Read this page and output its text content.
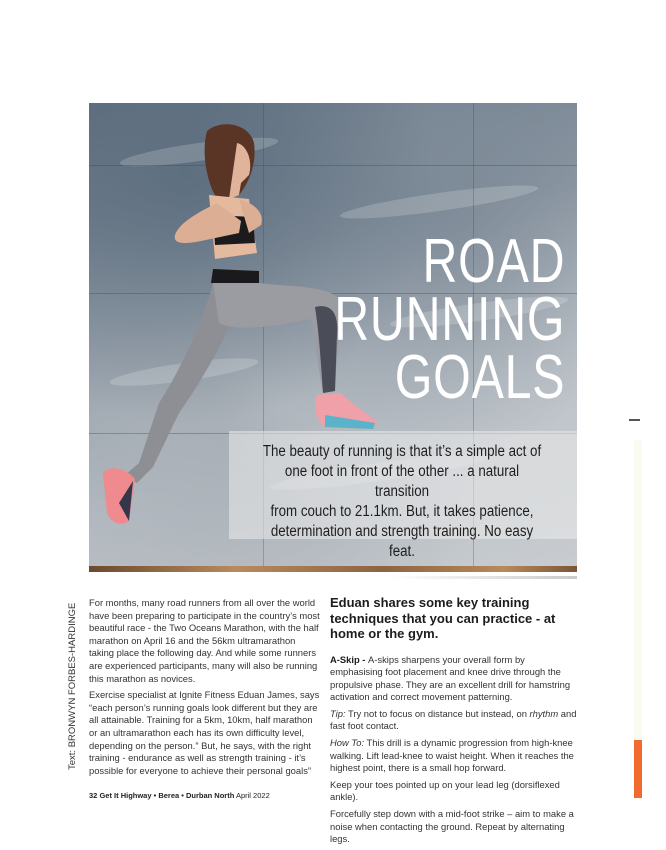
ROAD
RUNNING
GOALS
The beauty of running is that it’s a simple act of
one foot in front of the other ... a natural transition
from couch to 21.1km. But, it takes patience,
determination and strength training. No easy feat.
Text: BRONWYN FORBES-HARDINGE

For months, many road runners from all over the world have been preparing to participate in the country’s most beautiful race - the Two Oceans Marathon, with the half marathon on April 16 and the 56km ultramarathon taking place the following day. And while some runners are experienced participants, many will also be running this marathon as novices.

Exercise specialist at Ignite Fitness Eduan James, says “each person’s running goals look different but they are all attainable. Training for a 5km, 10km, half marathon or an ultramarathon each has its own difficulty level, depending on the person.” But, he says, with the right training - endurance as well as strength training - it’s possible for everyone to achieve their personal goals”

Eduan shares some key training techniques that you can practice - at home or the gym.

A-Skip - A-skips sharpens your overall form by emphasising foot placement and knee drive through the propulsive phase. They are an excellent drill for hamstring activation and correct movement patterning.

Tip: Try not to focus on distance but instead, on rhythm and fast foot contact.

How To: This drill is a dynamic progression from high-knee walking. Lift lead-knee to waist height. When it reaches the highest point, there is a small hop forward.

Keep your toes pointed up on your lead leg (dorsiflexed ankle).

Forcefully step down with a mid-foot strike – aim to make a noise when contacting the ground. Repeat by alternating legs.

32 Get It Highway • Berea • Durban North April 2022
